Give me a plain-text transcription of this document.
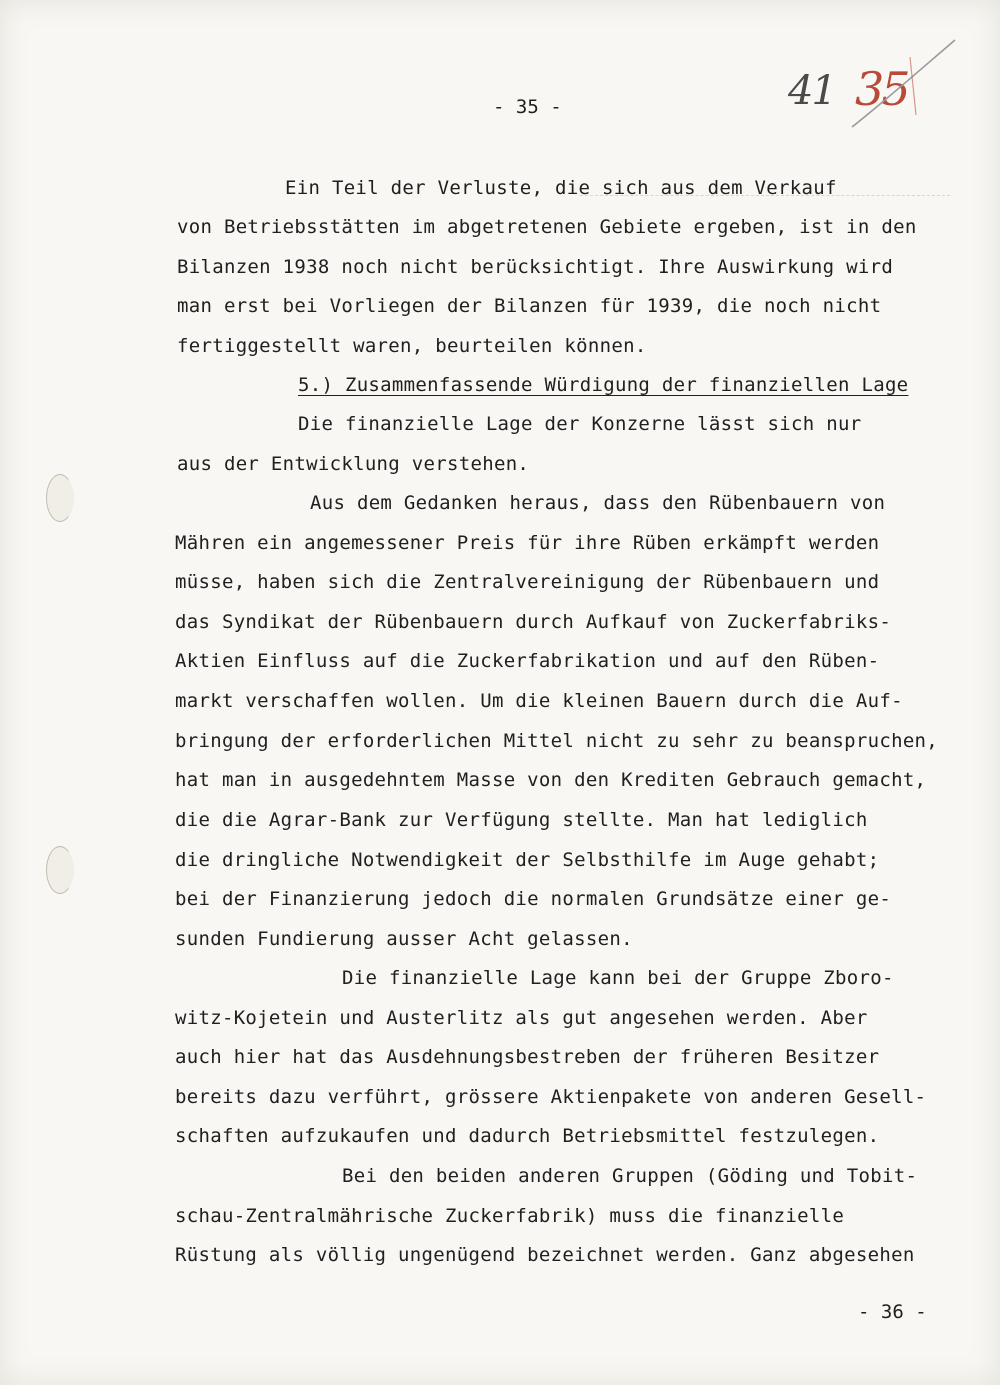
- 35 -	41 35
Ein Teil der Verluste, die sich aus dem Verkauf
von Betriebsstätten im abgetretenen Gebiete ergeben, ist in den
Bilanzen 1938 noch nicht berücksichtigt. Ihre Auswirkung wird
man erst bei Vorliegen der Bilanzen für 1939, die noch nicht
fertiggestellt waren, beurteilen können.
5.) Zusammenfassende Würdigung der finanziellen Lage
Die finanzielle Lage der Konzerne lässt sich nur
aus der Entwicklung verstehen.
Aus dem Gedanken heraus, dass den Rübenbauern von
Mähren ein angemessener Preis für ihre Rüben erkämpft werden
müsse, haben sich die Zentralvereinigung der Rübenbauern und
das Syndikat der Rübenbauern durch Aufkauf von Zuckerfabriks-
Aktien Einfluss auf die Zuckerfabrikation und auf den Rüben-
markt verschaffen wollen. Um die kleinen Bauern durch die Auf-
bringung der erforderlichen Mittel nicht zu sehr zu beanspruchen,
hat man in ausgedehntem Masse von den Krediten Gebrauch gemacht,
die die Agrar-Bank zur Verfügung stellte. Man hat lediglich
die dringliche Notwendigkeit der Selbsthilfe im Auge gehabt;
bei der Finanzierung jedoch die normalen Grundsätze einer ge-
sunden Fundierung ausser Acht gelassen.
Die finanzielle Lage kann bei der Gruppe Zboro-
witz-Kojetein und Austerlitz als gut angesehen werden. Aber
auch hier hat das Ausdehnungsbestreben der früheren Besitzer
bereits dazu verführt, grössere Aktienpakete von anderen Gesell-
schaften aufzukaufen und dadurch Betriebsmittel festzulegen.
Bei den beiden anderen Gruppen (Göding und Tobit-
schau-Zentralmährische Zuckerfabrik) muss die finanzielle
Rüstung als völlig ungenügend bezeichnet werden. Ganz abgesehen
- 36 -
